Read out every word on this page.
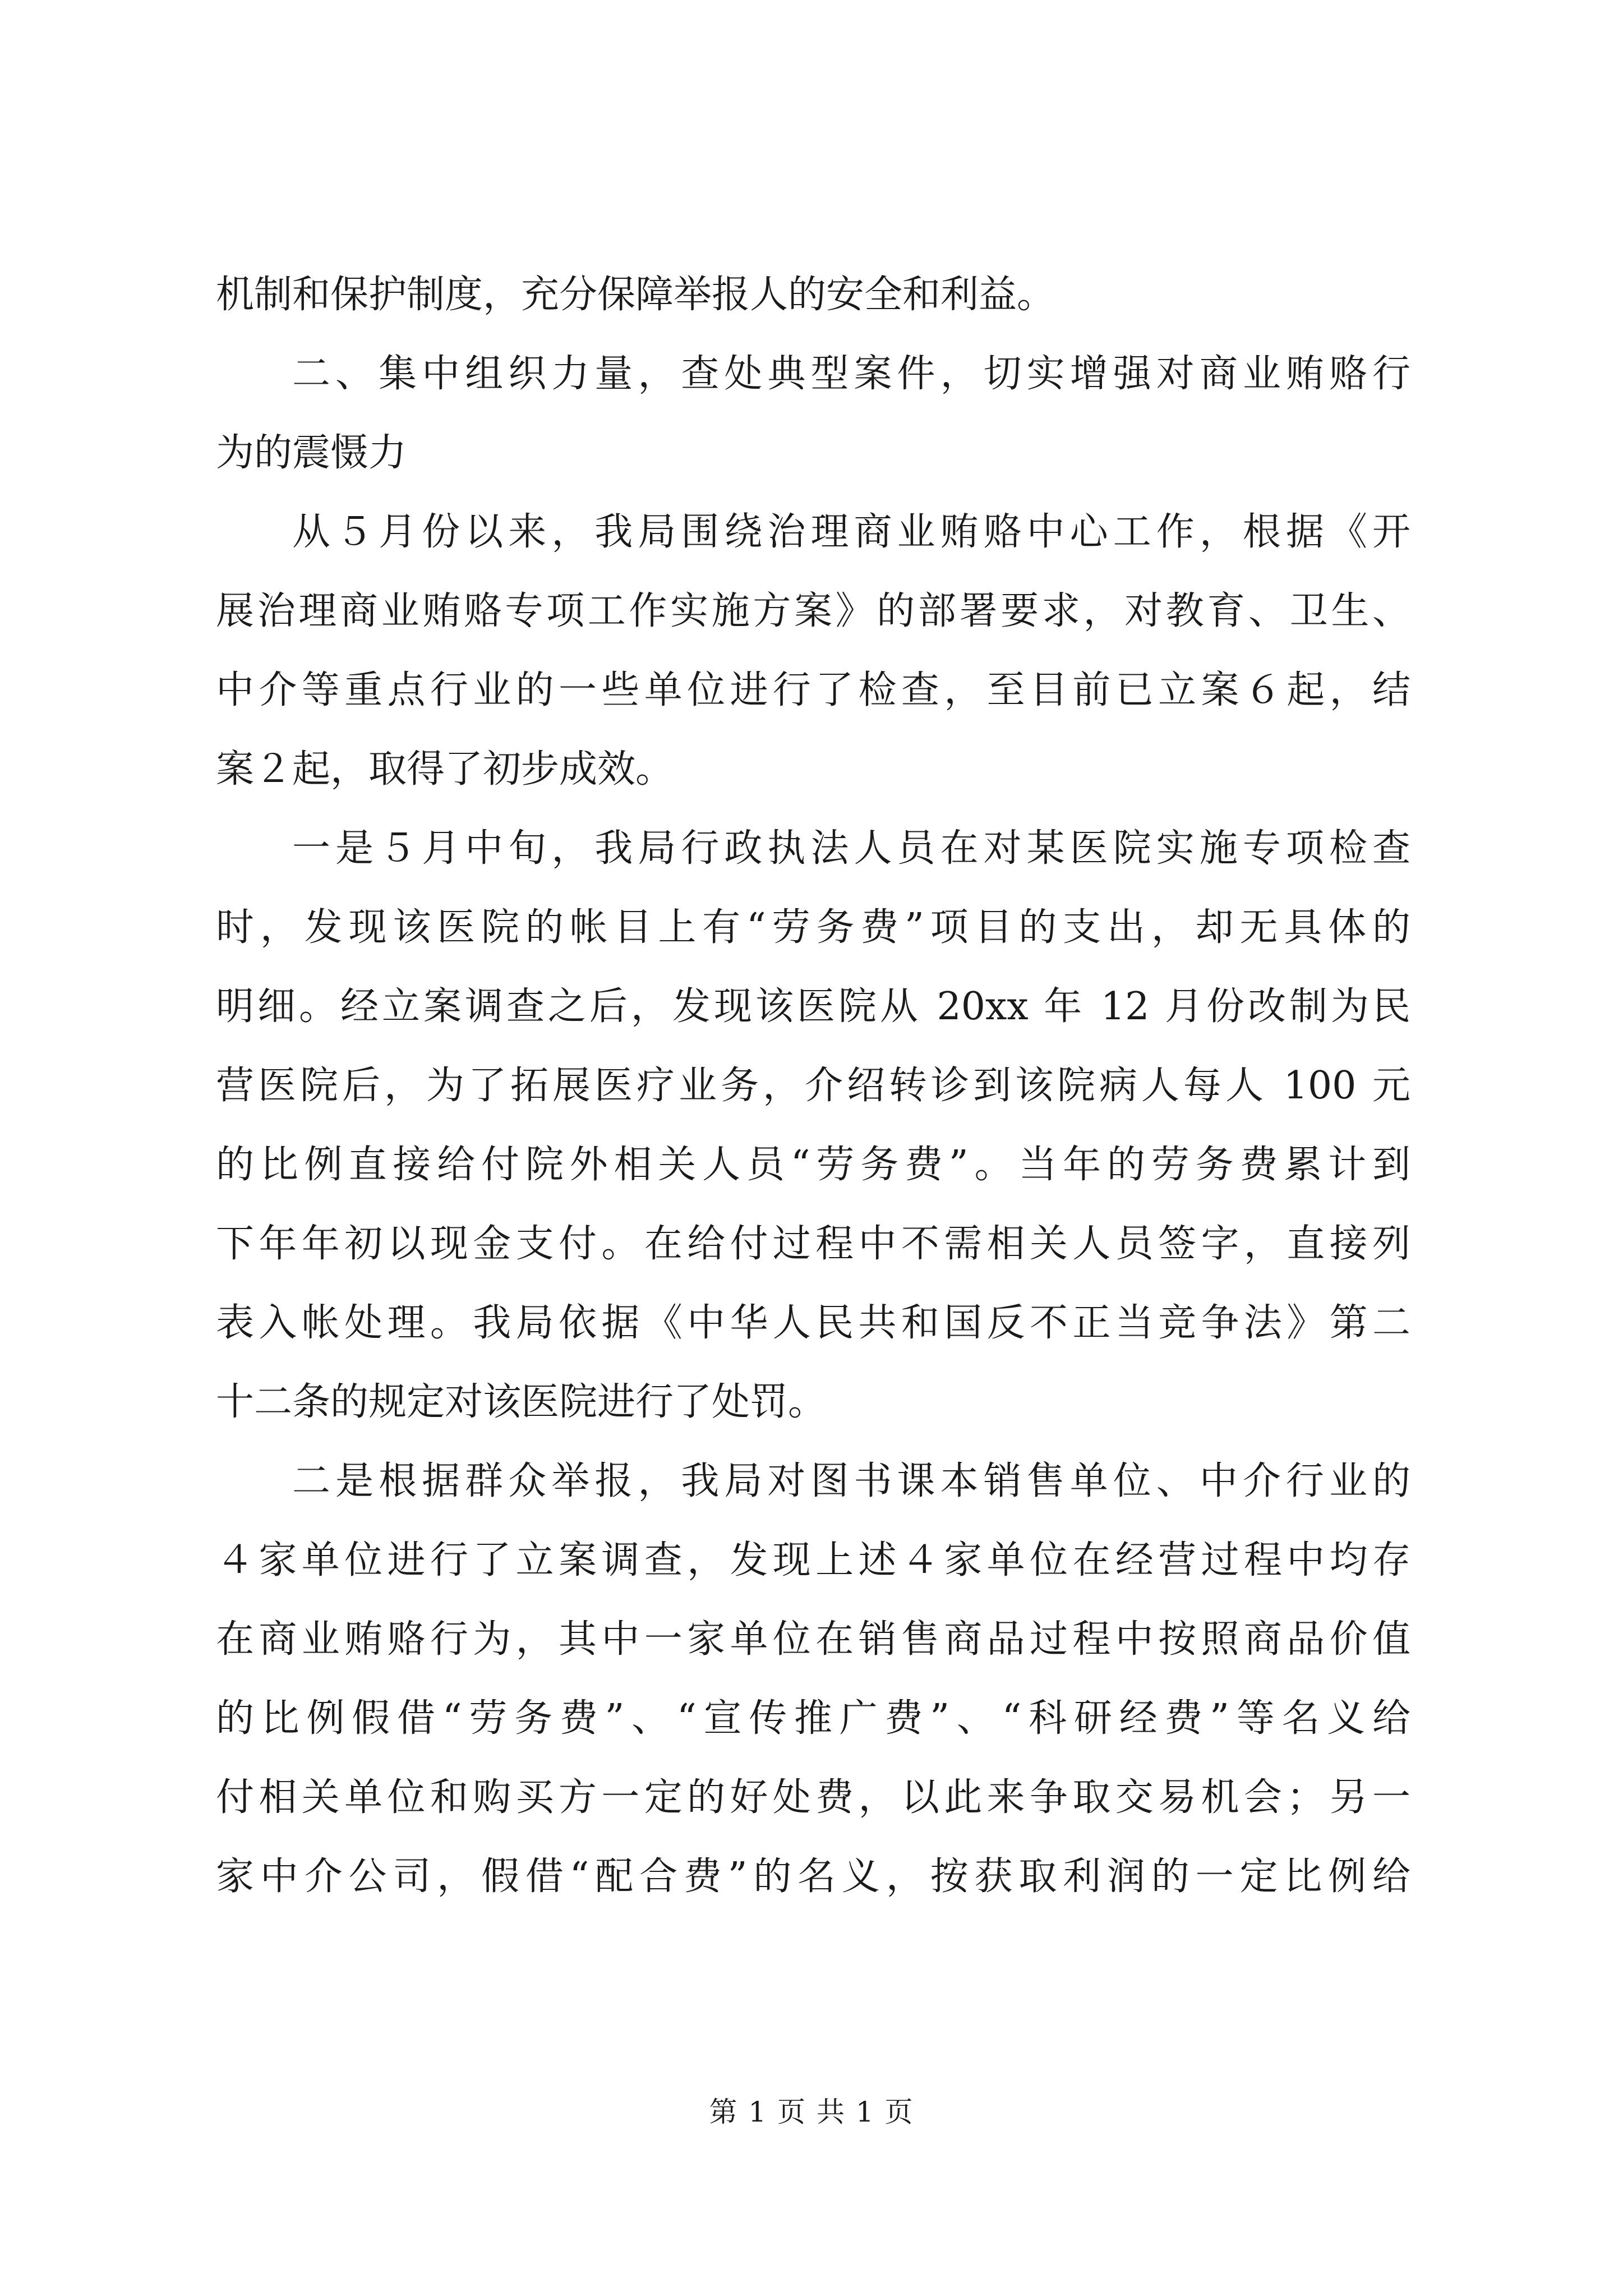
机制和保护制度，充分保障举报人的安全和利益。
二、集中组织力量，查处典型案件，切实增强对商业贿赂行
为的震慑力
从５月份以来，我局围绕治理商业贿赂中心工作，根据《开
展治理商业贿赂专项工作实施方案》的部署要求，对教育、卫生、
中介等重点行业的一些单位进行了检查，至目前已立案６起，结
案２起，取得了初步成效。
一是５月中旬，我局行政执法人员在对某医院实施专项检查
时，发现该医院的帐目上有“劳务费”项目的支出，却无具体的
明细。经立案调查之后，发现该医院从 20xx 年 12 月份改制为民
营医院后，为了拓展医疗业务，介绍转诊到该院病人每人 100 元
的比例直接给付院外相关人员“劳务费”。当年的劳务费累计到
下年年初以现金支付。在给付过程中不需相关人员签字，直接列
表入帐处理。我局依据《中华人民共和国反不正当竞争法》第二
十二条的规定对该医院进行了处罚。
二是根据群众举报，我局对图书课本销售单位、中介行业的
４家单位进行了立案调查，发现上述４家单位在经营过程中均存
在商业贿赂行为，其中一家单位在销售商品过程中按照商品价值
的比例假借“劳务费”、“宣传推广费”、“科研经费”等名义给
付相关单位和购买方一定的好处费，以此来争取交易机会；另一
家中介公司，假借“配合费”的名义，按获取利润的一定比例给
第 1 页 共 1 页
